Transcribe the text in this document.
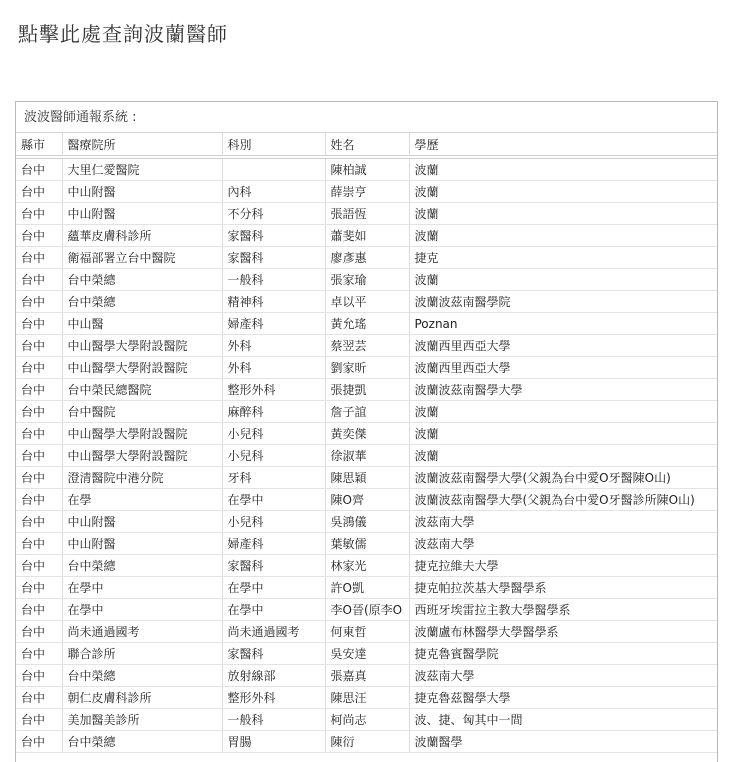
點擊此處查詢波蘭醫師
波波醫師通報系統 :
縣市	醫療院所	科別	姓名	學歷
台中	大里仁愛醫院		陳柏誠	波蘭
台中	中山附醫	內科	薛崇亨	波蘭
台中	中山附醫	不分科	張語恆	波蘭
台中	蘊華皮膚科診所	家醫科	蕭斐如	波蘭
台中	衛福部署立台中醫院	家醫科	廖彥惠	捷克
台中	台中榮總	一般科	張家瑜	波蘭
台中	台中榮總	精神科	卓以平	波蘭波茲南醫學院
台中	中山醫	婦產科	黃允瑤	Poznan
台中	中山醫學大學附設醫院	外科	蔡翌芸	波蘭西里西亞大學
台中	中山醫學大學附設醫院	外科	劉家昕	波蘭西里西亞大學
台中	台中榮民總醫院	整形外科	張捷凱	波蘭波茲南醫學大學
台中	台中醫院	麻醉科	詹子誼	波蘭
台中	中山醫學大學附設醫院	小兒科	黃奕傑	波蘭
台中	中山醫學大學附設醫院	小兒科	徐淑華	波蘭
台中	澄清醫院中港分院	牙科	陳思穎	波蘭波茲南醫學大學(父親為台中愛O牙醫陳O山)
台中	在學	在學中	陳O齊	波蘭波茲南醫學大學(父親為台中愛O牙醫診所陳O山)
台中	中山附醫	小兒科	吳鴻儀	波茲南大學
台中	中山附醫	婦產科	葉敏儒	波茲南大學
台中	台中榮總	家醫科	林家光	捷克拉維夫大學
台中	在學中	在學中	許O凱	捷克帕拉茨基大學醫學系
台中	在學中	在學中	李O晉(原李O	西班牙埃雷拉主教大學醫學系
台中	尚未通過國考	尚未通過國考	何東哲	波蘭盧布林醫學大學醫學系
台中	聯合診所	家醫科	吳安達	捷克魯賓醫學院
台中	台中榮總	放射線部	張嘉真	波茲南大學
台中	朝仁皮膚科診所	整形外科	陳思汪	捷克魯茲醫學大學
台中	美加醫美診所	一般科	柯尚志	波、捷、匈其中一間
台中	台中榮總	胃腸	陳衍	波蘭醫學
